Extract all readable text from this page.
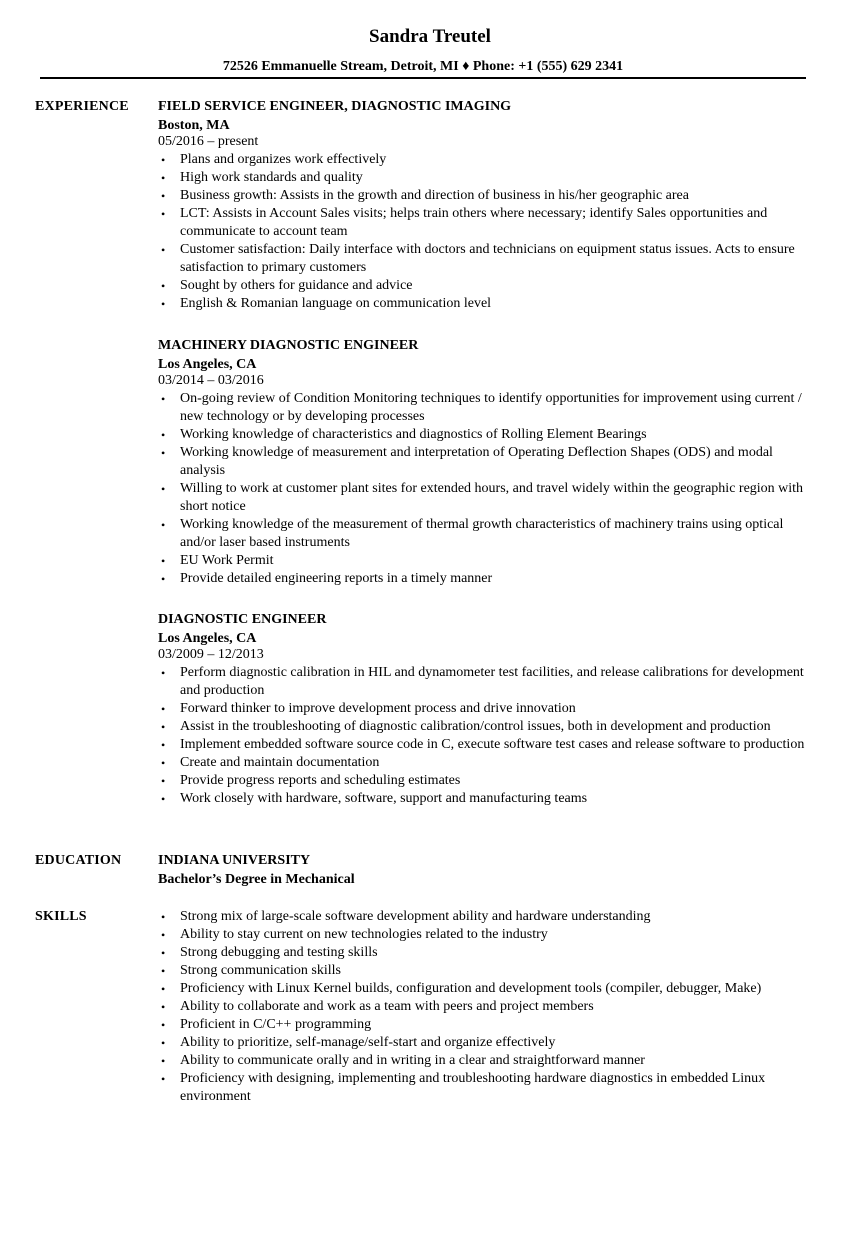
Sandra Treutel
72526 Emmanuelle Stream, Detroit, MI ♦ Phone: +1 (555) 629 2341
EXPERIENCE FIELD SERVICE ENGINEER, DIAGNOSTIC IMAGING
Boston, MA
05/2016 – present
• Plans and organizes work effectively
• High work standards and quality
• Business growth: Assists in the growth and direction of business in his/her geographic area
• LCT: Assists in Account Sales visits; helps train others where necessary; identify Sales opportunities and communicate to account team
• Customer satisfaction: Daily interface with doctors and technicians on equipment status issues. Acts to ensure satisfaction to primary customers
• Sought by others for guidance and advice
• English & Romanian language on communication level
MACHINERY DIAGNOSTIC ENGINEER
Los Angeles, CA
03/2014 – 03/2016
• On-going review of Condition Monitoring techniques to identify opportunities for improvement using current / new technology or by developing processes
• Working knowledge of characteristics and diagnostics of Rolling Element Bearings
• Working knowledge of measurement and interpretation of Operating Deflection Shapes (ODS) and modal analysis
• Willing to work at customer plant sites for extended hours, and travel widely within the geographic region with short notice
• Working knowledge of the measurement of thermal growth characteristics of machinery trains using optical and/or laser based instruments
• EU Work Permit
• Provide detailed engineering reports in a timely manner
DIAGNOSTIC ENGINEER
Los Angeles, CA
03/2009 – 12/2013
• Perform diagnostic calibration in HIL and dynamometer test facilities, and release calibrations for development and production
• Forward thinker to improve development process and drive innovation
• Assist in the troubleshooting of diagnostic calibration/control issues, both in development and production
• Implement embedded software source code in C, execute software test cases and release software to production
• Create and maintain documentation
• Provide progress reports and scheduling estimates
• Work closely with hardware, software, support and manufacturing teams
EDUCATION	INDIANA UNIVERSITY
Bachelor’s Degree in Mechanical
SKILLS	• Strong mix of large-scale software development ability and hardware understanding
• Ability to stay current on new technologies related to the industry
• Strong debugging and testing skills
• Strong communication skills
• Proficiency with Linux Kernel builds, configuration and development tools (compiler, debugger, Make)
• Ability to collaborate and work as a team with peers and project members
• Proficient in C/C++ programming
• Ability to prioritize, self-manage/self-start and organize effectively
• Ability to communicate orally and in writing in a clear and straightforward manner
• Proficiency with designing, implementing and troubleshooting hardware diagnostics in embedded Linux environment
